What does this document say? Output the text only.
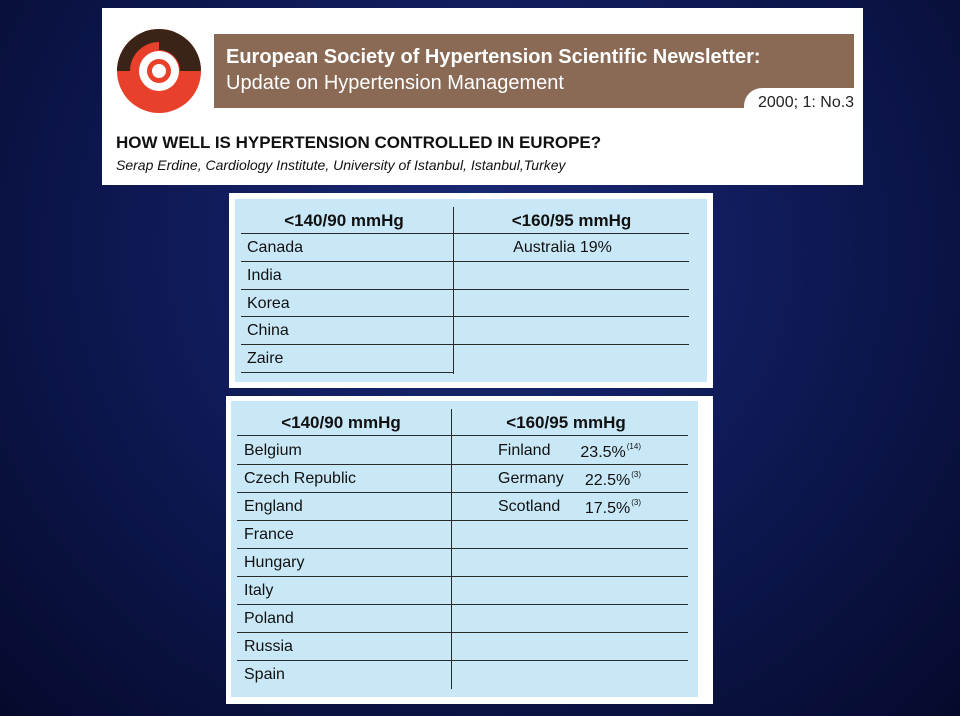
European Society of Hypertension Scientific Newsletter:
Update on Hypertension Management
2000; 1: No.3
HOW WELL IS HYPERTENSION CONTROLLED IN EUROPE?
Serap Erdine, Cardiology Institute, University of Istanbul, Istanbul,Turkey
<140/90 mmHg	<160/95 mmHg
Canada
India
Korea
China
Zaire
Australia 19%
<140/90 mmHg	<160/95 mmHg
Belgium
Czech Republic
England
France
Hungary
Italy
Poland
Russia
Spain
Finland 23.5%$^{(14)}$
Germany 22.5%$^{(3)}$
Scotland 17.5%$^{(3)}$
